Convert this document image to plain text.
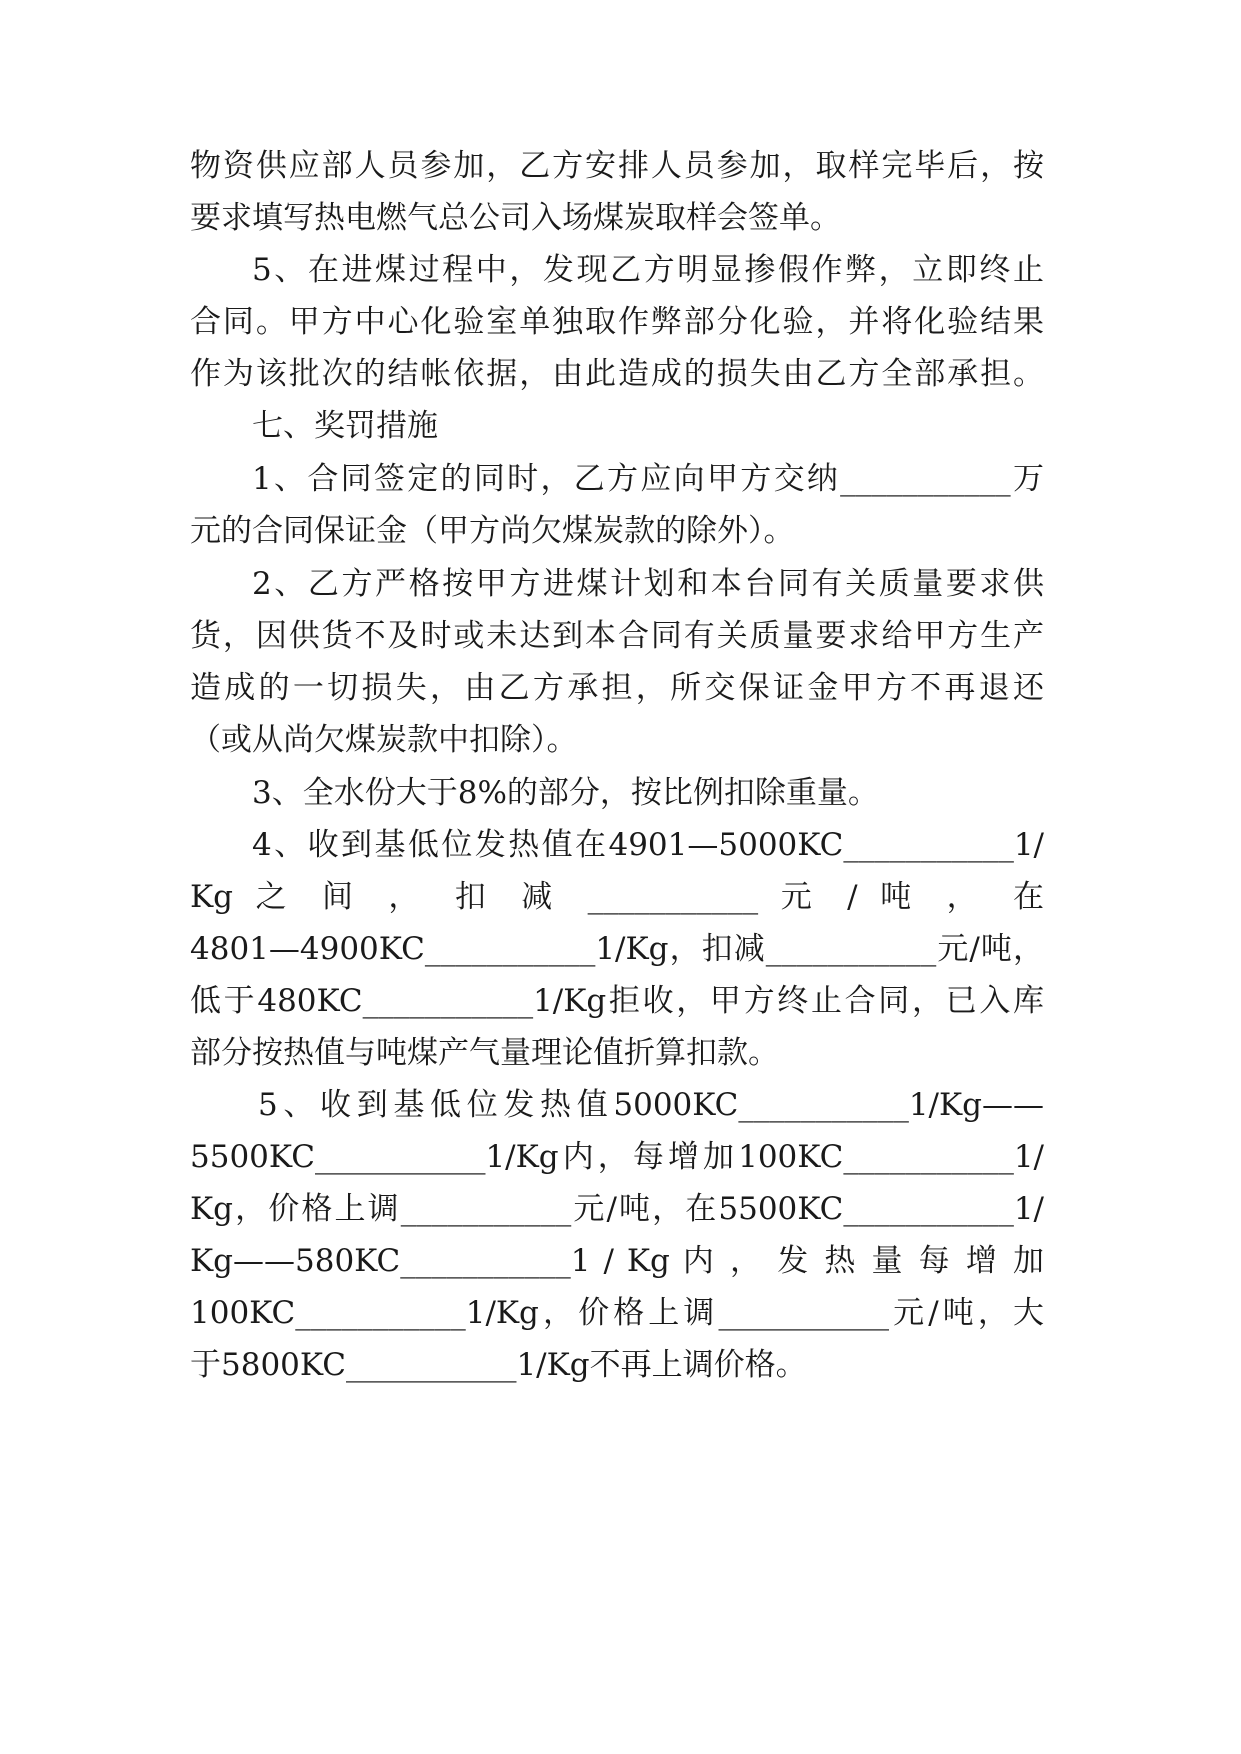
物资供应部人员参加，乙方安排人员参加，取样完毕后，按
要求填写热电燃气总公司入场煤炭取样会签单。
5、在进煤过程中，发现乙方明显掺假作弊，立即终止
合同。甲方中心化验室单独取作弊部分化验，并将化验结果
作为该批次的结帐依据，由此造成的损失由乙方全部承担。
七、奖罚措施
1、合同签定的同时，乙方应向甲方交纳___________万
元的合同保证金（甲方尚欠煤炭款的除外）。
2、乙方严格按甲方进煤计划和本台同有关质量要求供
货，因供货不及时或未达到本合同有关质量要求给甲方生产
造成的一切损失，由乙方承担，所交保证金甲方不再退还
（或从尚欠煤炭款中扣除）。
3、全水份大于8%的部分，按比例扣除重量。
4、收到基低位发热值在4901—5000KC___________1/
Kg 之 间 ， 扣 减 ___________ 元 / 吨 ， 在
4801—4900KC___________1/Kg，扣减___________元/吨，
低于480KC___________1/Kg拒收，甲方终止合同，已入库
部分按热值与吨煤产气量理论值折算扣款。
5、收到基低位发热值5000KC___________1/Kg——
5500KC___________1/Kg内，每增加100KC___________1/
Kg，价格上调___________元/吨，在5500KC___________1/
Kg——580KC___________1 / Kg 内 ， 发 热 量 每 增 加
100KC___________1/Kg，价格上调___________元/吨，大
于5800KC___________1/Kg不再上调价格。
